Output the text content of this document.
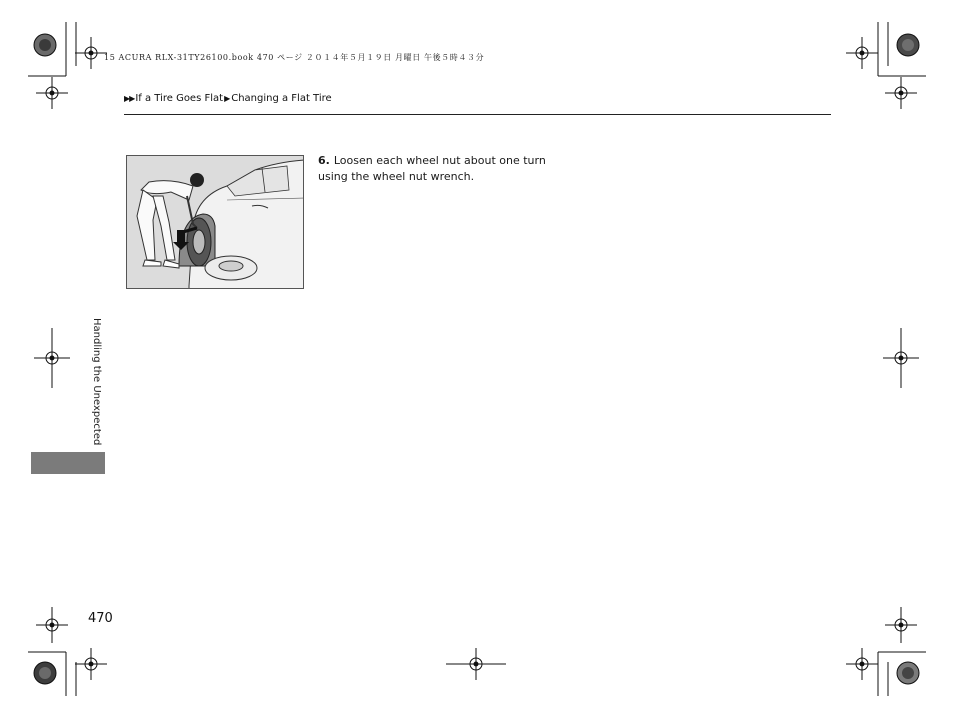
15 ACURA RLX-31TY26100.book 470 ページ ２０１４年５月１９日 月曜日 午後５時４３分
▶▶ If a Tire Goes Flat ▶ Changing a Flat Tire
6. Loosen each wheel nut about one turn using the wheel nut wrench.
Handling the Unexpected
470
